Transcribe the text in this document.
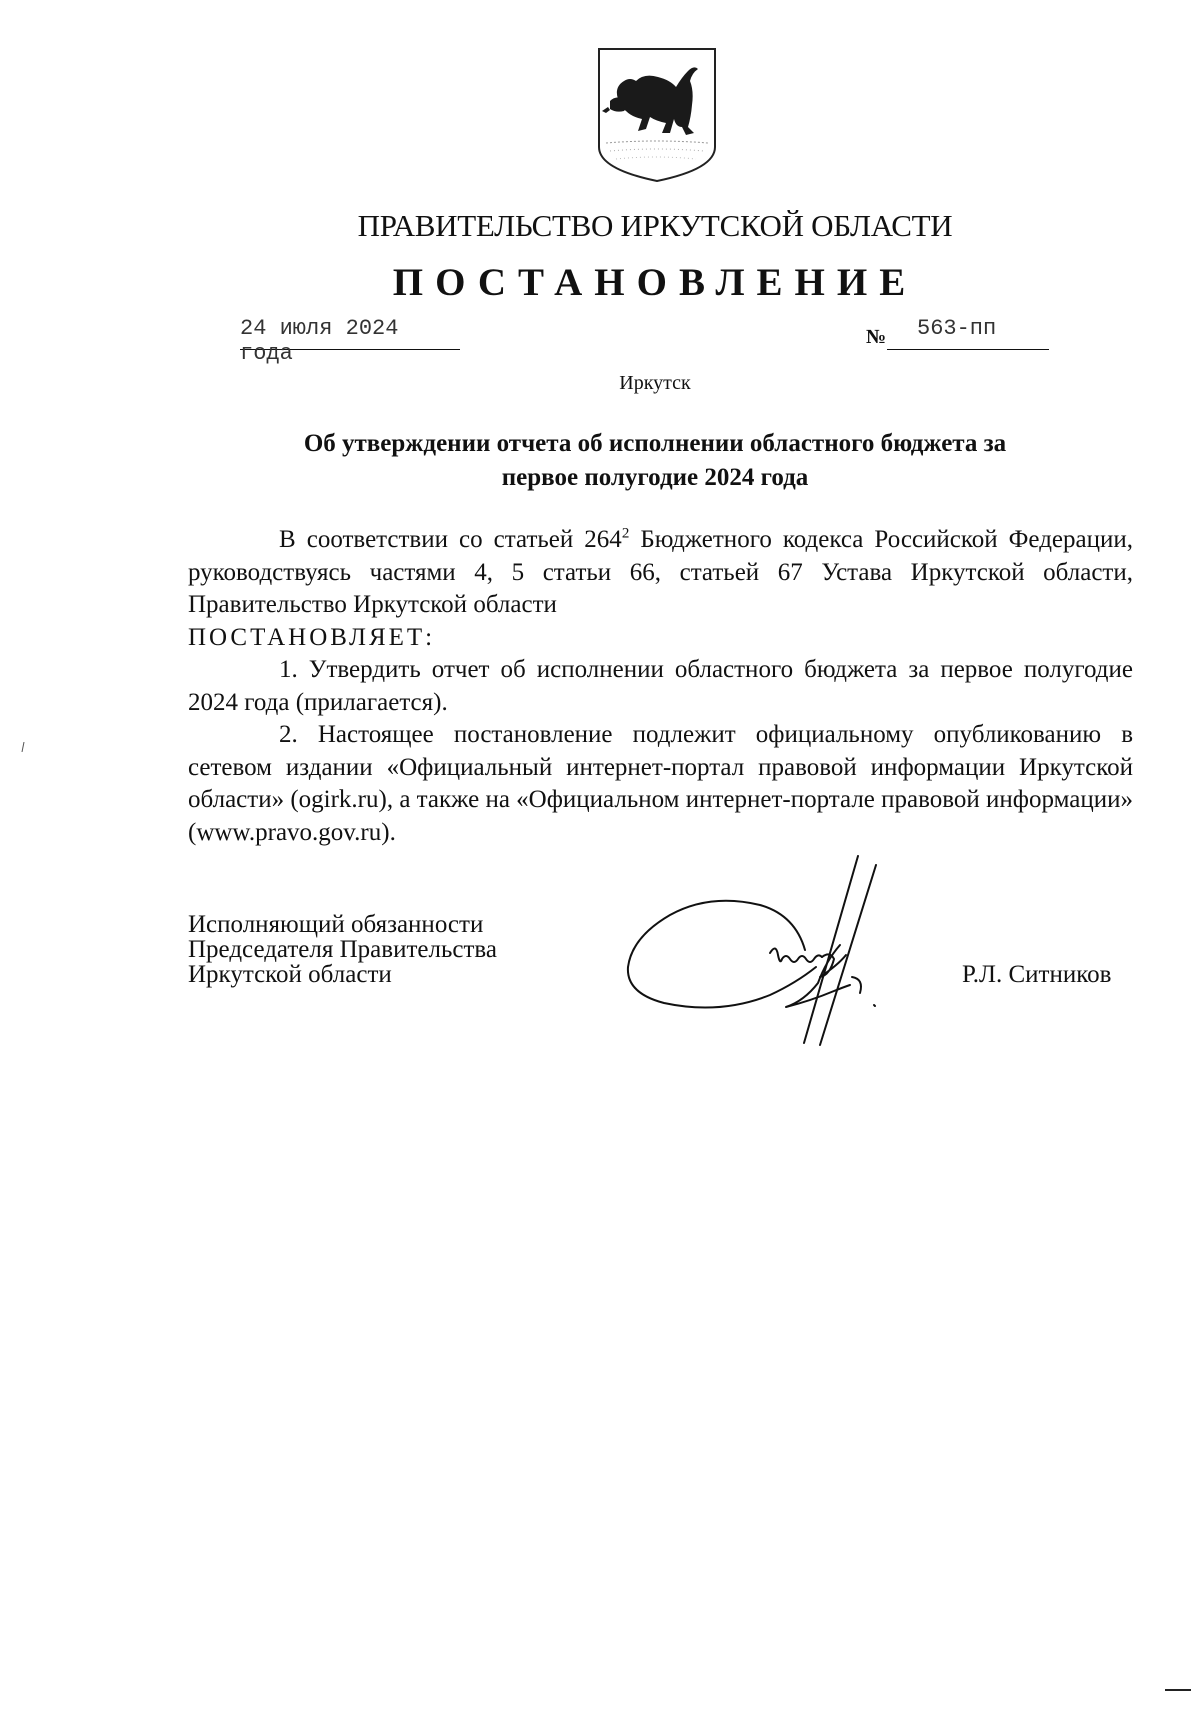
ПРАВИТЕЛЬСТВО ИРКУТСКОЙ ОБЛАСТИ
ПОСТАНОВЛЕНИЕ
24 июля 2024 года
№ 563-пп
Иркутск
Об утверждении отчета об исполнении областного бюджета за
первое полугодие 2024 года

В соответствии со статьей $264^2$ Бюджетного кодекса Российской Федерации, руководствуясь частями 4, 5 статьи 66, статьей 67 Устава Иркутской области, Правительство Иркутской области

ПОСТАНОВЛЯЕТ:

1. Утвердить отчет об исполнении областного бюджета за первое полугодие 2024 года (прилагается).

2. Настоящее постановление подлежит официальному опубликованию в сетевом издании «Официальный интернет-портал правовой информации Иркутской области» (ogirk.ru), а также на «Официальном интернет-портале правовой информации» (www.pravo.gov.ru).

Исполняющий обязанности
Председателя Правительства
Иркутской области	Р.Л. Ситников
